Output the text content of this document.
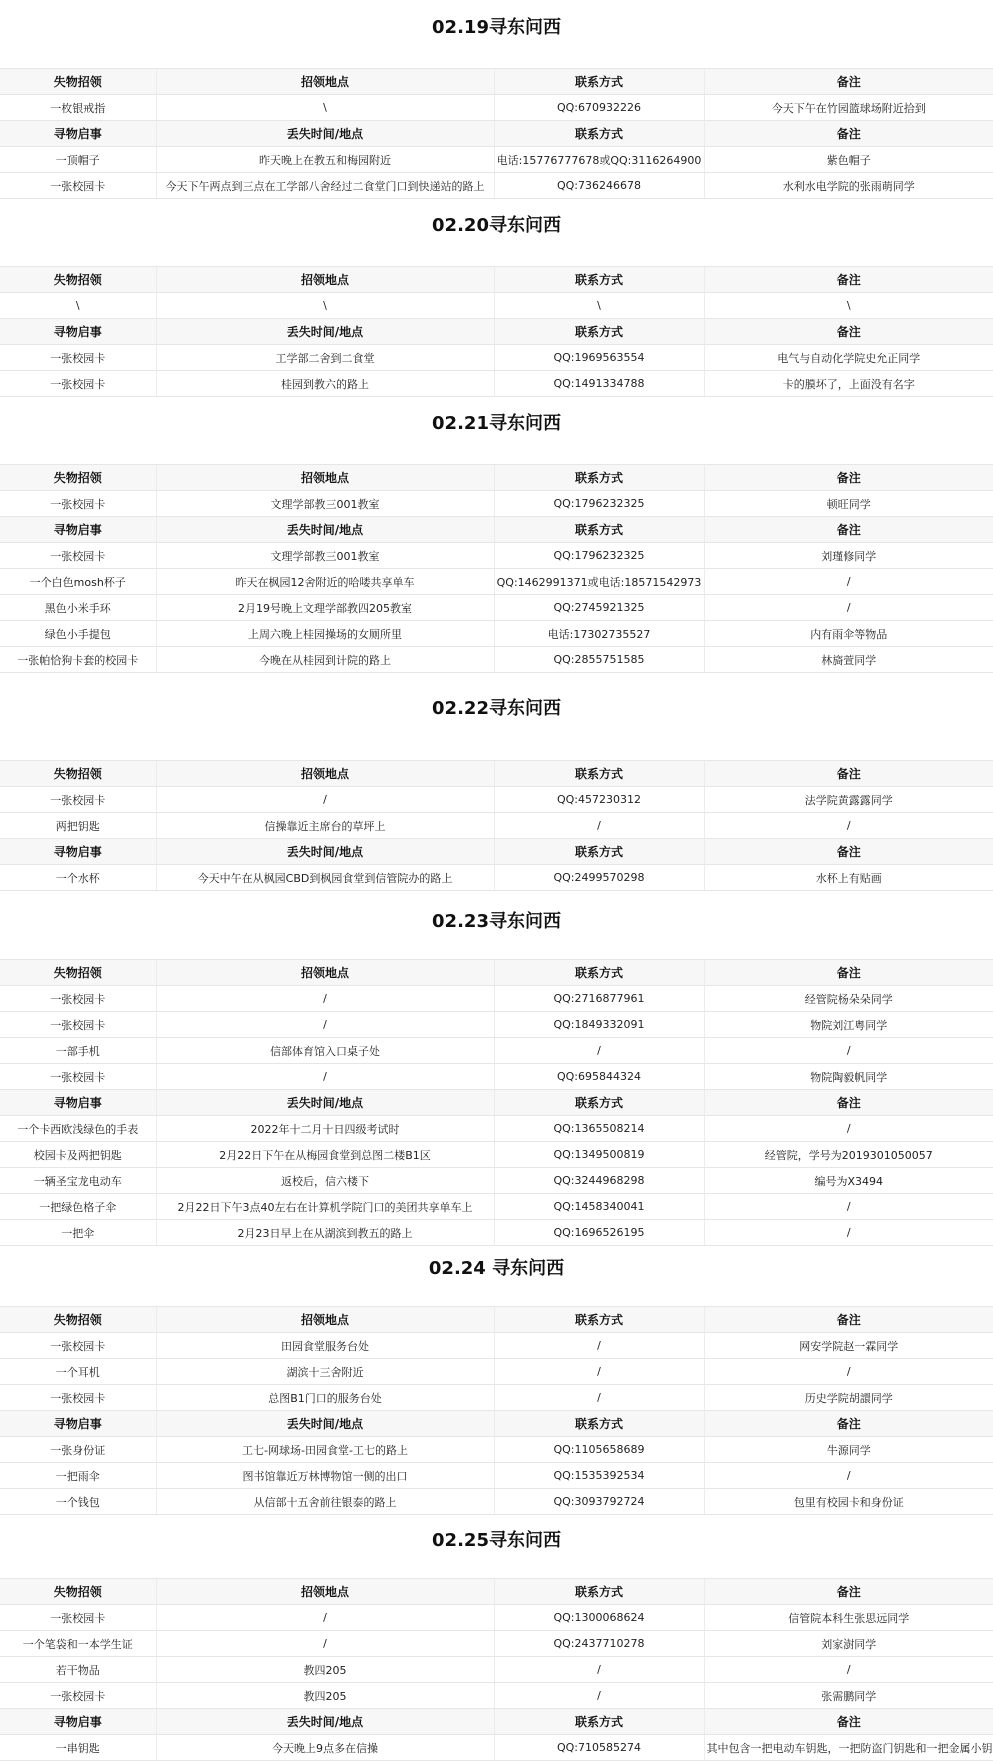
02.19寻东问西
失物招领	招领地点	联系方式	备注
一枚银戒指	\	QQ:670932226	今天下午在竹园篮球场附近拾到
寻物启事	丢失时间/地点	联系方式	备注
一顶帽子	昨天晚上在教五和梅园附近	电话:15776777678或QQ:3116264900	紫色帽子
一张校园卡	今天下午两点到三点在工学部八舍经过二食堂门口到快递站的路上	QQ:736246678	水利水电学院的张雨萌同学
02.20寻东问西
失物招领	招领地点	联系方式	备注
\	\	\	\
寻物启事	丢失时间/地点	联系方式	备注
一张校园卡	工学部二舍到二食堂	QQ:1969563554	电气与自动化学院史允正同学
一张校园卡	桂园到教六的路上	QQ:1491334788	卡的膜坏了，上面没有名字
02.21寻东问西
失物招领	招领地点	联系方式	备注
一张校园卡	文理学部教三001教室	QQ:1796232325	顿旺同学
寻物启事	丢失时间/地点	联系方式	备注
一张校园卡	文理学部教三001教室	QQ:1796232325	刘瑾修同学
一个白色mosh杯子	昨天在枫园12舍附近的哈喽共享单车	QQ:1462991371或电话:18571542973	/
黑色小米手环	2月19号晚上文理学部教四205教室	QQ:2745921325	/
绿色小手提包	上周六晚上桂园操场的女厕所里	电话:17302735527	内有雨伞等物品
一张帕恰狗卡套的校园卡	今晚在从桂园到计院的路上	QQ:2855751585	林旖萱同学
02.22寻东问西
失物招领	招领地点	联系方式	备注
一张校园卡	/	QQ:457230312	法学院黄露露同学
两把钥匙	信操靠近主席台的草坪上	/	/
寻物启事	丢失时间/地点	联系方式	备注
一个水杯	今天中午在从枫园CBD到枫园食堂到信管院办的路上	QQ:2499570298	水杯上有贴画
02.23寻东问西
失物招领	招领地点	联系方式	备注
一张校园卡	/	QQ:2716877961	经管院杨朵朵同学
一张校园卡	/	QQ:1849332091	物院刘江粤同学
一部手机	信部体育馆入口桌子处	/	/
一张校园卡	/	QQ:695844324	物院陶毅帆同学
寻物启事	丢失时间/地点	联系方式	备注
一个卡西欧浅绿色的手表	2022年十二月十日四级考试时	QQ:1365508214	/
校园卡及两把钥匙	2月22日下午在从梅园食堂到总图二楼B1区	QQ:1349500819	经管院，学号为2019301050057
一辆圣宝龙电动车	返校后，信六楼下	QQ:3244968298	编号为X3494
一把绿色格子伞	2月22日下午3点40左右在计算机学院门口的美团共享单车上	QQ:1458340041	/
一把伞	2月23日早上在从湖滨到教五的路上	QQ:1696526195	/
02.24 寻东问西
失物招领	招领地点	联系方式	备注
一张校园卡	田园食堂服务台处	/	网安学院赵一霖同学
一个耳机	湖滨十三舍附近	/	/
一张校园卡	总图B1门口的服务台处	/	历史学院胡譞同学
寻物启事	丢失时间/地点	联系方式	备注
一张身份证	工七-网球场-田园食堂-工七的路上	QQ:1105658689	牛源同学
一把雨伞	图书馆靠近万林博物馆一侧的出口	QQ:1535392534	/
一个钱包	从信部十五舍前往银泰的路上	QQ:3093792724	包里有校园卡和身份证
02.25寻东问西
失物招领	招领地点	联系方式	备注
一张校园卡	/	QQ:1300068624	信管院本科生张思远同学
一个笔袋和一本学生证	/	QQ:2437710278	刘家澍同学
若干物品	教四205	/	/
一张校园卡	教四205	/	张需鹏同学
寻物启事	丢失时间/地点	联系方式	备注
一串钥匙	今天晚上9点多在信操	QQ:710585274	其中包含一把电动车钥匙，一把防盗门钥匙和一把金属小钥
